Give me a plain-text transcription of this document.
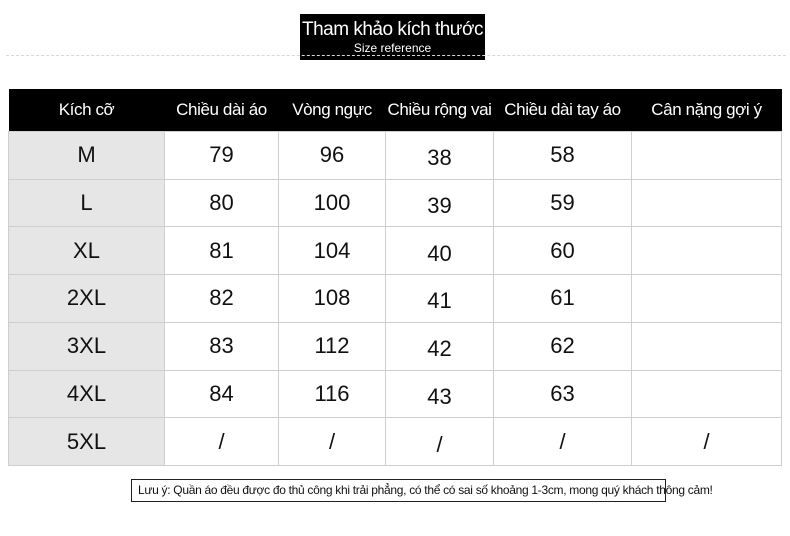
Tham khảo kích thước
Size reference
Kích cỡ	Chiều dài áo	Vòng ngực	Chiều rộng vai	Chiều dài tay áo	Cân nặng gợi ý
M	79	96	38	58	
L	80	100	39	59	
XL	81	104	40	60	
2XL	82	108	41	61	
3XL	83	112	42	62	
4XL	84	116	43	63	
5XL	/	/	/	/	/
Lưu ý: Quần áo đều được đo thủ công khi trải phẳng, có thể có sai số khoảng 1-3cm, mong quý khách thông cảm!
